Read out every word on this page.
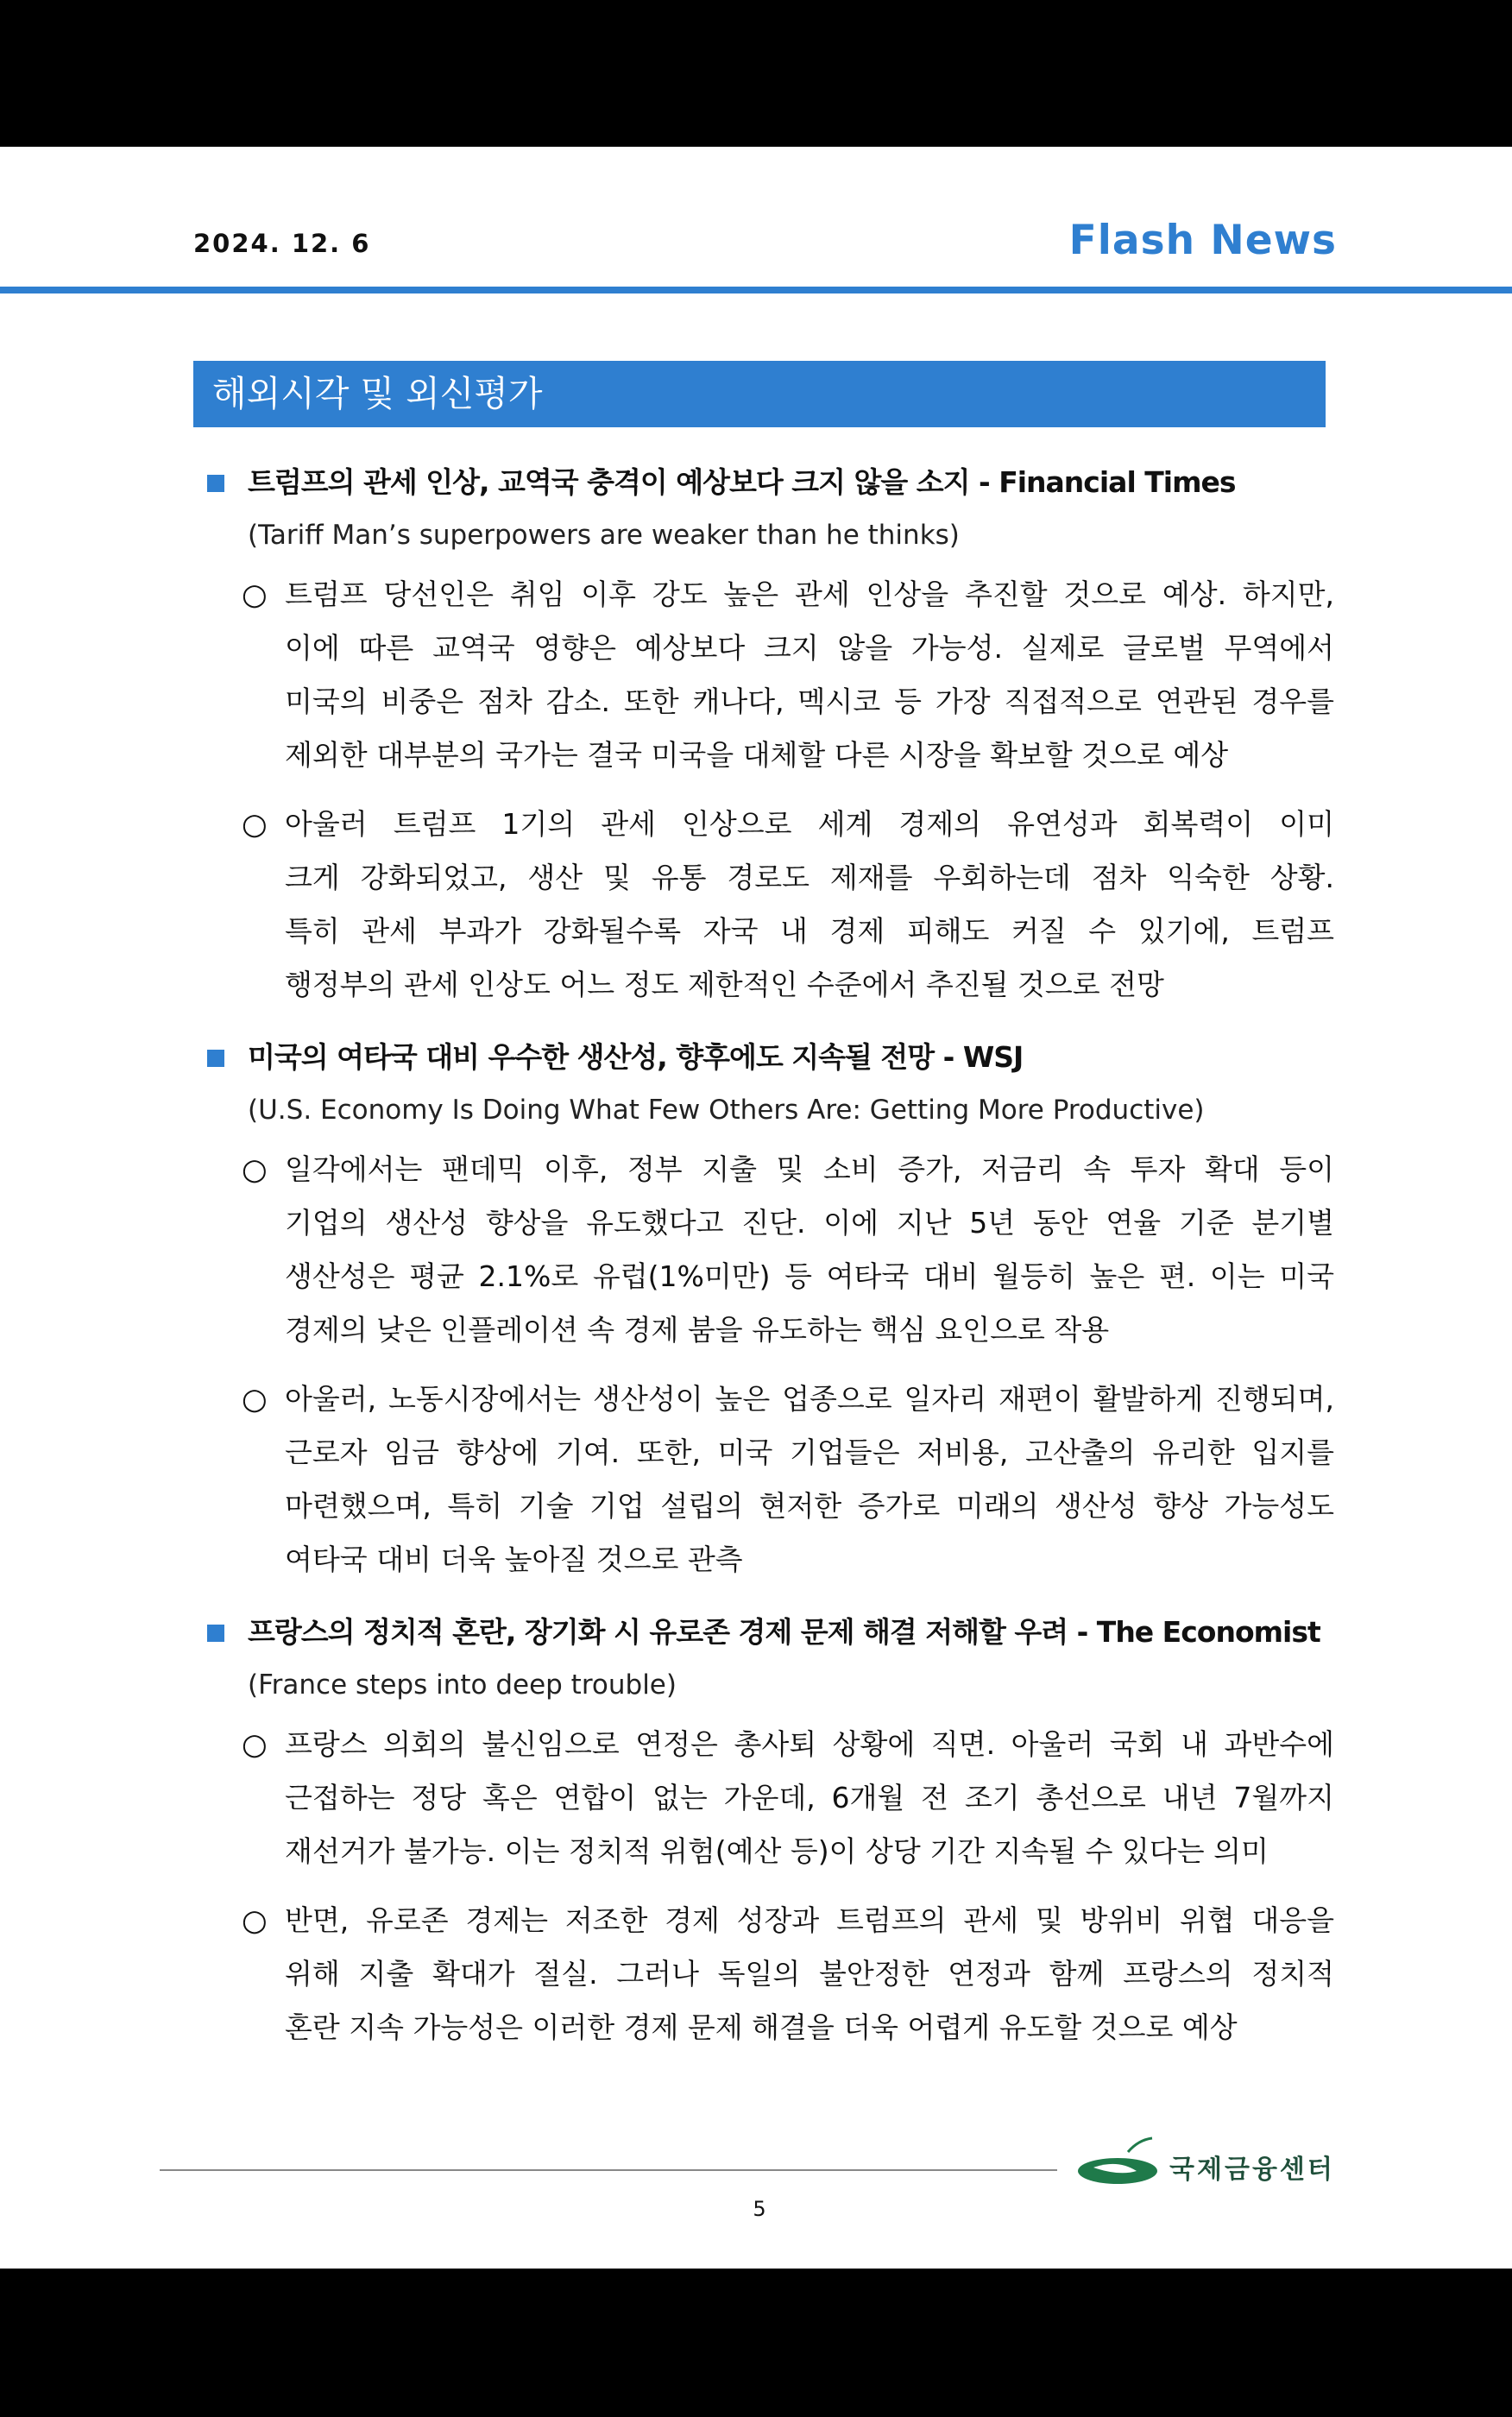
2024. 12. 6	Flash News
해외시각 및 외신평가
트럼프의 관세 인상, 교역국 충격이 예상보다 크지 않을 소지 - Financial Times
(Tariff Man’s superpowers are weaker than he thinks)
○ 트럼프 당선인은 취임 이후 강도 높은 관세 인상을 추진할 것으로 예상. 하지만,
이에 따른 교역국 영향은 예상보다 크지 않을 가능성. 실제로 글로벌 무역에서
미국의 비중은 점차 감소. 또한 캐나다, 멕시코 등 가장 직접적으로 연관된 경우를
제외한 대부분의 국가는 결국 미국을 대체할 다른 시장을 확보할 것으로 예상
○ 아울러 트럼프 1기의 관세 인상으로 세계 경제의 유연성과 회복력이 이미
크게 강화되었고, 생산 및 유통 경로도 제재를 우회하는데 점차 익숙한 상황.
특히 관세 부과가 강화될수록 자국 내 경제 피해도 커질 수 있기에, 트럼프
행정부의 관세 인상도 어느 정도 제한적인 수준에서 추진될 것으로 전망
미국의 여타국 대비 우수한 생산성, 향후에도 지속될 전망 - WSJ
(U.S. Economy Is Doing What Few Others Are: Getting More Productive)
○ 일각에서는 팬데믹 이후, 정부 지출 및 소비 증가, 저금리 속 투자 확대 등이
기업의 생산성 향상을 유도했다고 진단. 이에 지난 5년 동안 연율 기준 분기별
생산성은 평균 2.1%로 유럽(1%미만) 등 여타국 대비 월등히 높은 편. 이는 미국
경제의 낮은 인플레이션 속 경제 붐을 유도하는 핵심 요인으로 작용
○ 아울러, 노동시장에서는 생산성이 높은 업종으로 일자리 재편이 활발하게 진행되며,
근로자 임금 향상에 기여. 또한, 미국 기업들은 저비용, 고산출의 유리한 입지를
마련했으며, 특히 기술 기업 설립의 현저한 증가로 미래의 생산성 향상 가능성도
여타국 대비 더욱 높아질 것으로 관측
프랑스의 정치적 혼란, 장기화 시 유로존 경제 문제 해결 저해할 우려 - The Economist
(France steps into deep trouble)
○ 프랑스 의회의 불신임으로 연정은 총사퇴 상황에 직면. 아울러 국회 내 과반수에
근접하는 정당 혹은 연합이 없는 가운데, 6개월 전 조기 총선으로 내년 7월까지
재선거가 불가능. 이는 정치적 위험(예산 등)이 상당 기간 지속될 수 있다는 의미
○ 반면, 유로존 경제는 저조한 경제 성장과 트럼프의 관세 및 방위비 위협 대응을
위해 지출 확대가 절실. 그러나 독일의 불안정한 연정과 함께 프랑스의 정치적
혼란 지속 가능성은 이러한 경제 문제 해결을 더욱 어렵게 유도할 것으로 예상
국제금융센터
5
